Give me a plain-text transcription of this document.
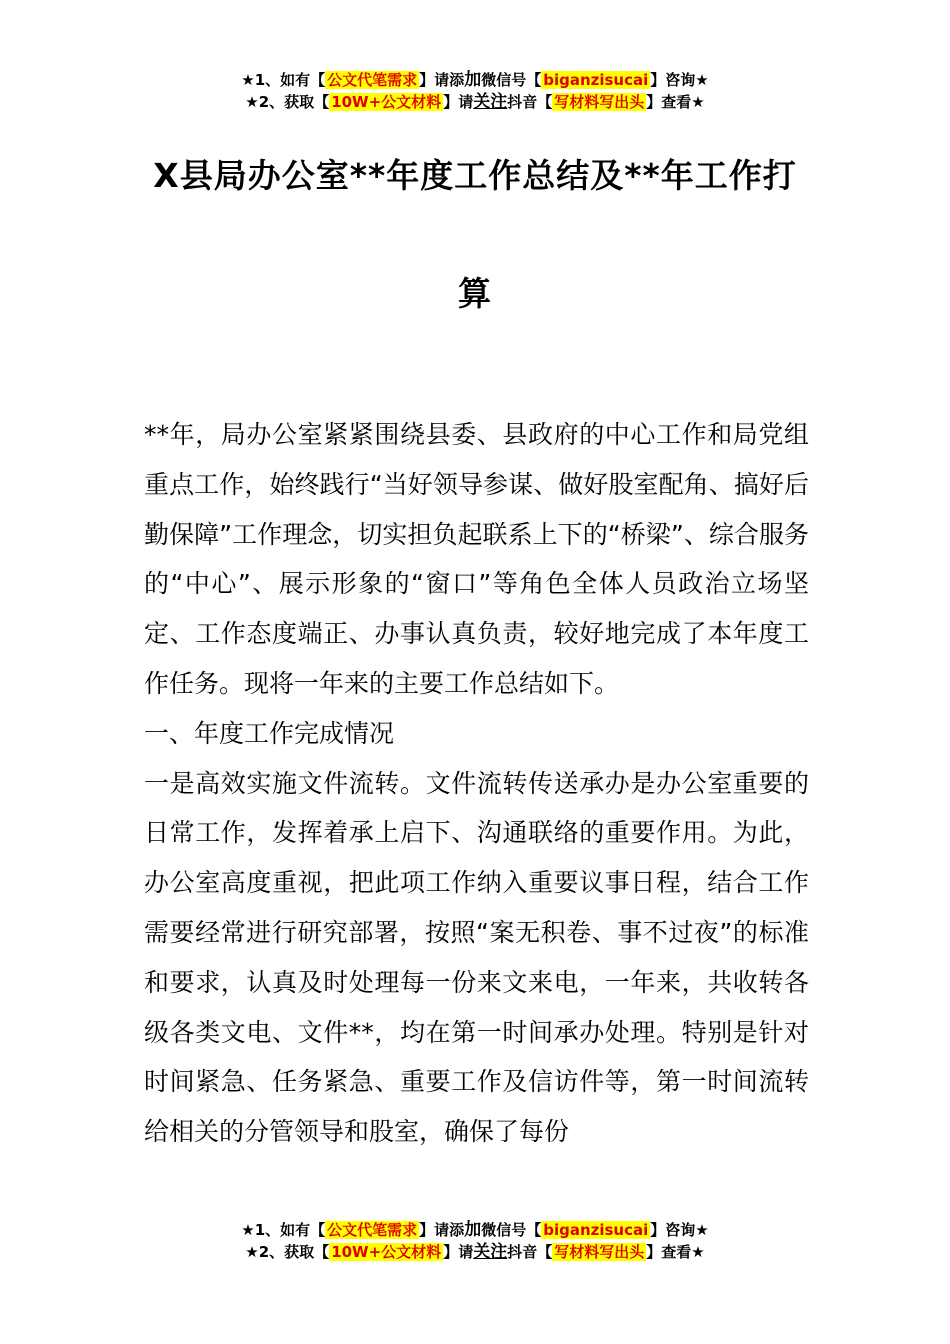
★1、如有【 公文代笔需求 】请添加微信号【 biganzisucai 】咨询★
★2、获取【 10W+公文材料 】请关注抖音【 写材料写出头 】查看★
X县局办公室**年度工作总结及**年工作打
算

**年，局办公室紧紧围绕县委、县政府的中心工作和局党组重点工作，始终践行“当好领导参谋、做好股室配角、搞好后勤保障”工作理念，切实担负起联系上下的“桥梁”、综合服务的“中心”、展示形象的“窗口”等角色全体人员政治立场坚定、工作态度端正、办事认真负责，较好地完成了本年度工作任务。现将一年来的主要工作总结如下。

一、年度工作完成情况

一是高效实施文件流转。文件流转传送承办是办公室重要的日常工作，发挥着承上启下、沟通联络的重要作用。为此，办公室高度重视，把此项工作纳入重要议事日程，结合工作需要经常进行研究部署，按照“案无积卷、事不过夜”的标准和要求，认真及时处理每一份来文来电，一年来，共收转各级各类文电、文件**，均在第一时间承办处理。特别是针对时间紧急、任务紧急、重要工作及信访件等，第一时间流转给相关的分管领导和股室，确保了每份

★1、如有【 公文代笔需求 】请添加微信号【 biganzisucai 】咨询★
★2、获取【 10W+公文材料 】请关注抖音【 写材料写出头 】查看★
